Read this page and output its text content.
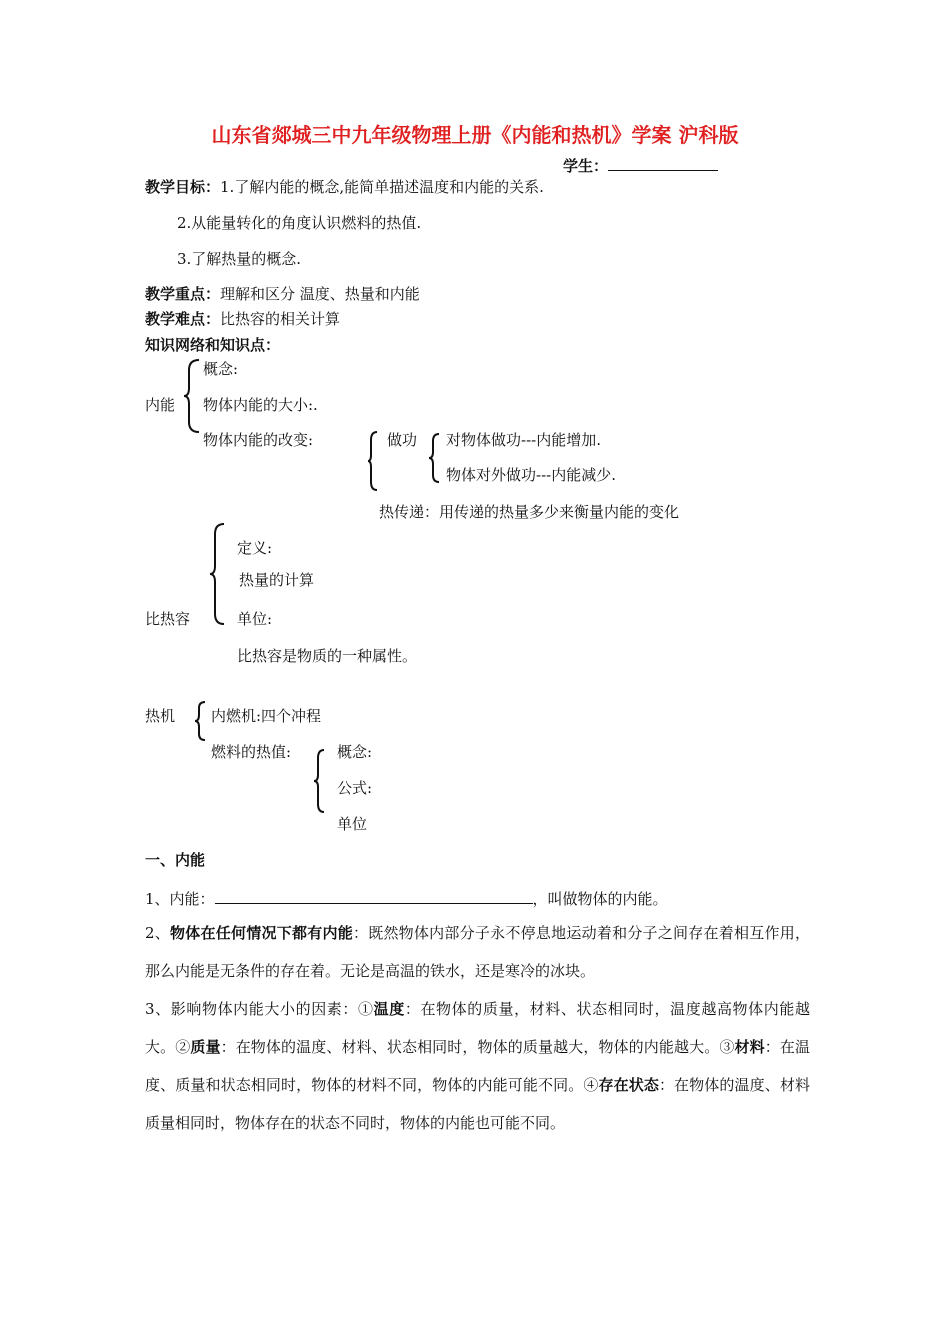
山东省郯城三中九年级物理上册《内能和热机》学案 沪科版
学生：
教学目标：1.了解内能的概念,能简单描述温度和内能的关系.
2.从能量转化的角度认识燃料的热值.
3.了解热量的概念.
教学重点：理解和区分 温度、热量和内能
教学难点：比热容的相关计算
知识网络和知识点：
内能
概念:
物体内能的大小:.
物体内能的改变:	做功 对物体做功---内能增加.
物体对外做功---内能减少.
热传递：用传递的热量多少来衡量内能的变化
定义:
热量的计算
比热容	单位:
比热容是物质的一种属性。
热机 内燃机:四个冲程
燃料的热值:	概念:
公式:
单位
一、内能
1、内能：	，叫做物体的内能。
2、物体在任何情况下都有内能：既然物体内部分子永不停息地运动着和分子之间存在着相互作用，那么内能是无条件的存在着。无论是高温的铁水，还是寒冷的冰块。
3、影响物体内能大小的因素：①温度：在物体的质量，材料、状态相同时，温度越高物体内能越大。②质量：在物体的温度、材料、状态相同时，物体的质量越大，物体的内能越大。③材料：在温度、质量和状态相同时，物体的材料不同，物体的内能可能不同。④存在状态：在物体的温度、材料质量相同时，物体存在的状态不同时，物体的内能也可能不同。
